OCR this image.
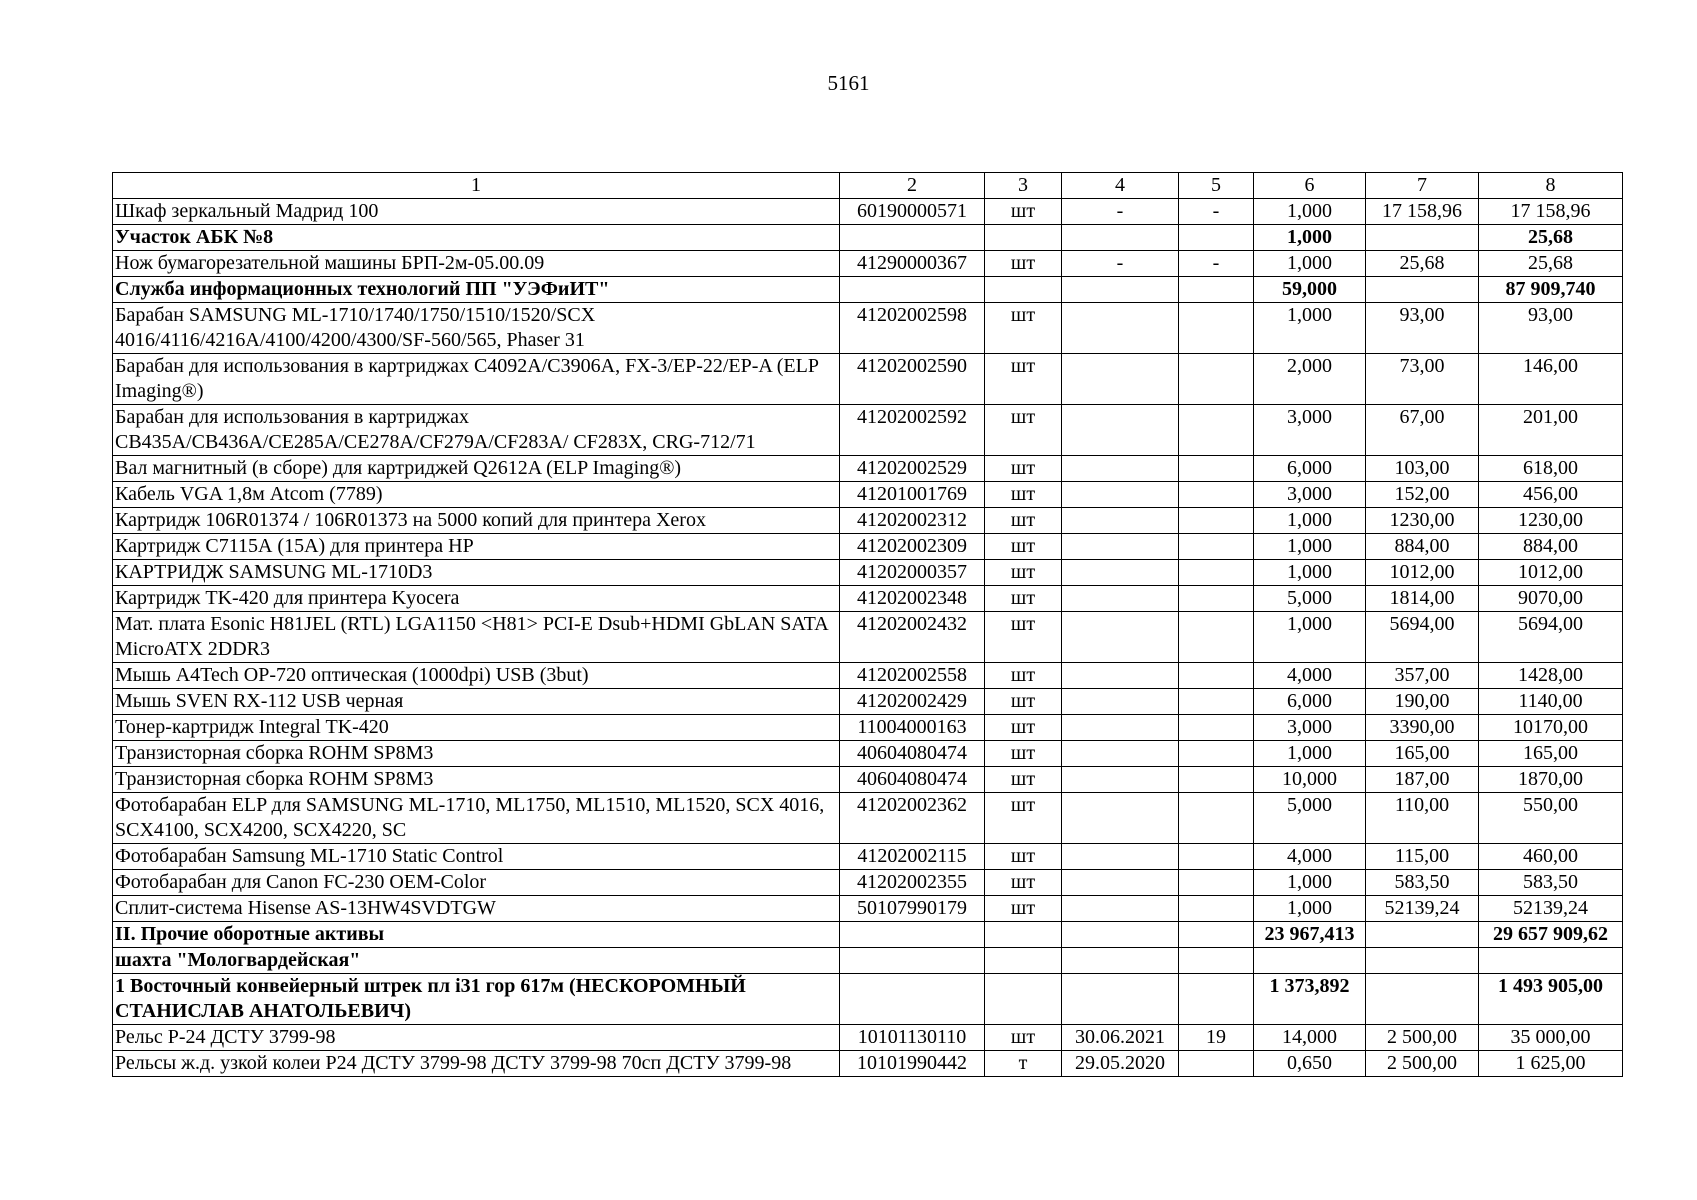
5161
1	2	3	4	5	6	7	8
Шкаф зеркальный Мадрид 100	60190000571	шт	-	-	1,000	17 158,96	17 158,96
Участок АБК №8					1,000		25,68
Нож бумагорезательной машины БРП-2м-05.00.09	41290000367	шт	-	-	1,000	25,68	25,68
Служба информационных технологий ПП "УЭФиИТ"					59,000		87 909,740
Барабан SAMSUNG ML-1710/1740/1750/1510/1520/SCX 4016/4116/4216A/4100/4200/4300/SF-560/565, Phaser 31	41202002598	шт			1,000	93,00	93,00
Барабан для использования в картриджах C4092A/C3906A, FX-3/EP-22/EP-A (ELP Imaging®)	41202002590	шт			2,000	73,00	146,00
Барабан для использования в картриджах CB435A/CB436A/CE285A/CE278A/CF279A/CF283A/ CF283X, CRG-712/71	41202002592	шт			3,000	67,00	201,00
Вал магнитный (в сборе) для картриджей Q2612A (ELP Imaging®)	41202002529	шт			6,000	103,00	618,00
Кабель VGA 1,8м Atcom (7789)	41201001769	шт			3,000	152,00	456,00
Картридж 106R01374 / 106R01373 на 5000 копий для принтера Xerox	41202002312	шт			1,000	1230,00	1230,00
Картридж С7115А (15A) для принтера HP	41202002309	шт			1,000	884,00	884,00
КАРТРИДЖ SAMSUNG ML-1710D3	41202000357	шт			1,000	1012,00	1012,00
Картридж TK-420 для принтера Kyocera	41202002348	шт			5,000	1814,00	9070,00
Мат. плата Esonic H81JEL (RTL) LGA1150 <H81> PCI-E Dsub+HDMI GbLAN SATA MicroATX 2DDR3	41202002432	шт			1,000	5694,00	5694,00
Мышь A4Tech OP-720 оптическая (1000dpi) USB (3but)	41202002558	шт			4,000	357,00	1428,00
Мышь SVEN RX-112 USB черная	41202002429	шт			6,000	190,00	1140,00
Тонер-картридж Integral TK-420	11004000163	шт			3,000	3390,00	10170,00
Транзисторная сборка ROHM SP8M3	40604080474	шт			1,000	165,00	165,00
Транзисторная сборка ROHM SP8M3	40604080474	шт			10,000	187,00	1870,00
Фотобарабан ELP для SAMSUNG ML-1710, ML1750, ML1510, ML1520, SCX 4016, SCX4100, SCX4200, SCX4220, SC	41202002362	шт			5,000	110,00	550,00
Фотобарабан Samsung ML-1710 Static Control	41202002115	шт			4,000	115,00	460,00
Фотобарабан для Canon FC-230 OEM-Color	41202002355	шт			1,000	583,50	583,50
Сплит-система Hisense AS-13HW4SVDTGW	50107990179	шт			1,000	52139,24	52139,24
II. Прочие оборотные активы					23 967,413		29 657 909,62
шахта "Мологвардейская"							
1 Восточный конвейерный штрек пл i31 гор 617м (НЕСКОРОМНЫЙ СТАНИСЛАВ АНАТОЛЬЕВИЧ)					1 373,892		1 493 905,00
Рельс Р-24 ДСТУ 3799-98	10101130110	шт	30.06.2021	19	14,000	2 500,00	35 000,00
Рельсы ж.д. узкой колеи Р24 ДСТУ 3799-98 ДСТУ 3799-98 70сп ДСТУ 3799-98	10101990442	т	29.05.2020		0,650	2 500,00	1 625,00
